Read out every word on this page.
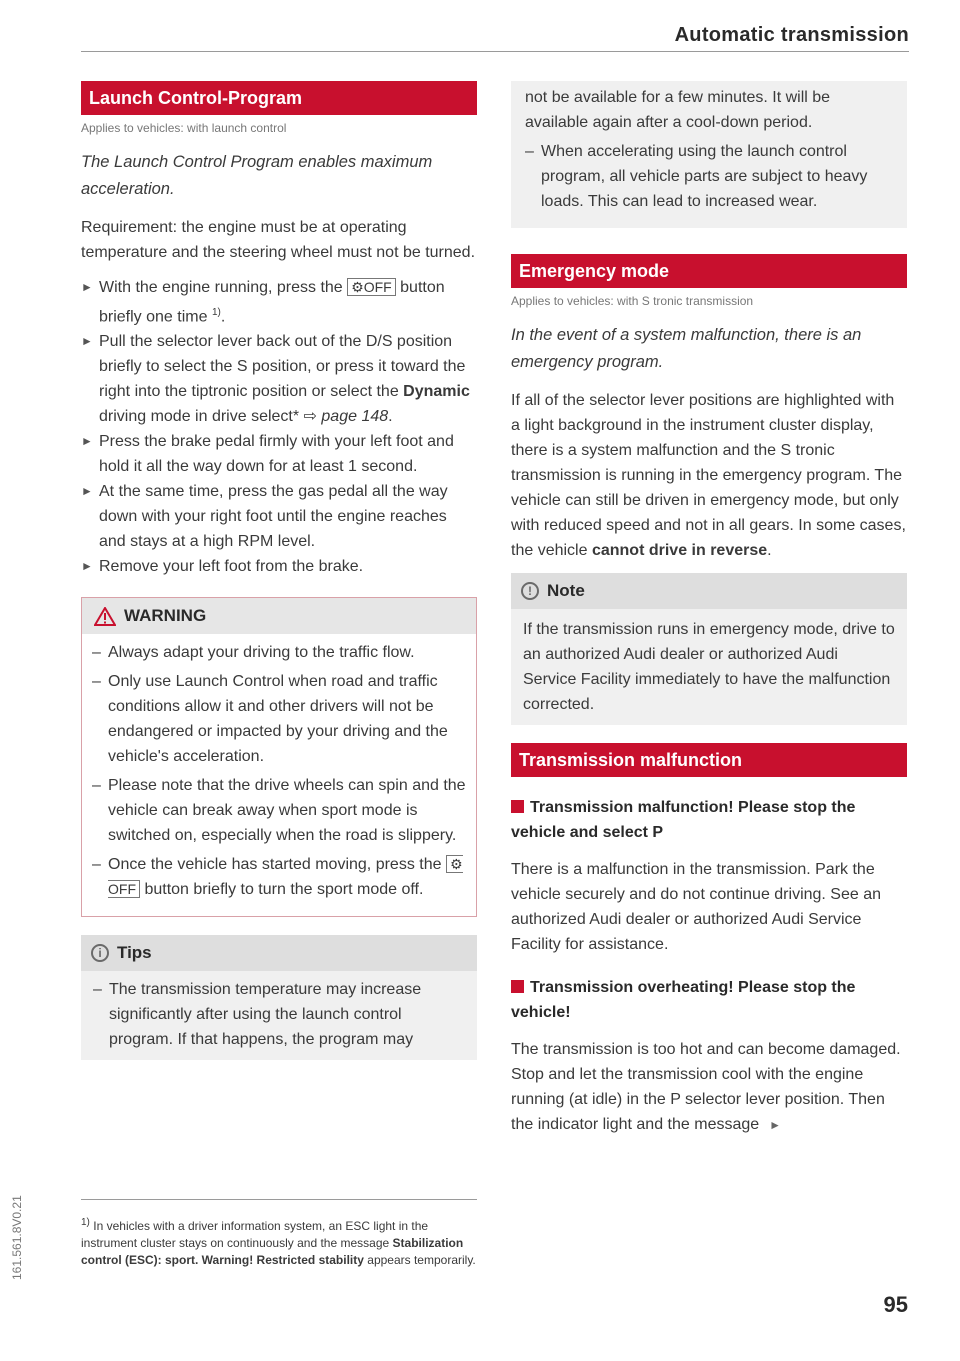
Automatic transmission
Launch Control-Program
Applies to vehicles: with launch control

The Launch Control Program enables maximum acceleration.

Requirement: the engine must be at operating temperature and the steering wheel must not be turned.

► With the engine running, press the ⚙OFF button briefly one time $^{1)}$.
► Pull the selector lever back out of the D/S position briefly to select the S position, or press it toward the right into the tiptronic position or select the Dynamic driving mode in drive select* ⇨ page 148.
► Press the brake pedal firmly with your left foot and hold it all the way down for at least 1 second.
► At the same time, press the gas pedal all the way down with your right foot until the engine reaches and stays at a high RPM level.
► Remove your left foot from the brake.
WARNING
– Always adapt your driving to the traffic flow.
– Only use Launch Control when road and traffic conditions allow it and other drivers will not be endangered or impacted by your driving and the vehicle's acceleration.
– Please note that the drive wheels can spin and the vehicle can break away when sport mode is switched on, especially when the road is slippery.
– Once the vehicle has started moving, press the ⚙ OFF button briefly to turn the sport mode off.
i Tips
– The transmission temperature may increase significantly after using the launch control program. If that happens, the program may
$^{1)}$ In vehicles with a driver information system, an ESC light in the instrument cluster stays on continuously and the message Stabilization control (ESC): sport. Warning! Restricted stability appears temporarily.

not be available for a few minutes. It will be available again after a cool-down period.

– When accelerating using the launch control program, all vehicle parts are subject to heavy loads. This can lead to increased wear.
Emergency mode
Applies to vehicles: with S tronic transmission

In the event of a system malfunction, there is an emergency program.

If all of the selector lever positions are highlighted with a light background in the instrument cluster display, there is a system malfunction and the S tronic transmission is running in the emergency program. The vehicle can still be driven in emergency mode, but only with reduced speed and not in all gears. In some cases, the vehicle cannot drive in reverse.

! Note
If the transmission runs in emergency mode, drive to an authorized Audi dealer or authorized Audi Service Facility immediately to have the malfunction corrected.
Transmission malfunction

Transmission malfunction! Please stop the vehicle and select P

There is a malfunction in the transmission. Park the vehicle securely and do not continue driving. See an authorized Audi dealer or authorized Audi Service Facility for assistance.

Transmission overheating! Please stop the vehicle!

The transmission is too hot and can become damaged. Stop and let the transmission cool with the engine running (at idle) in the P selector lever position. Then the indicator light and the message ►

95
161.561.8V0.21
